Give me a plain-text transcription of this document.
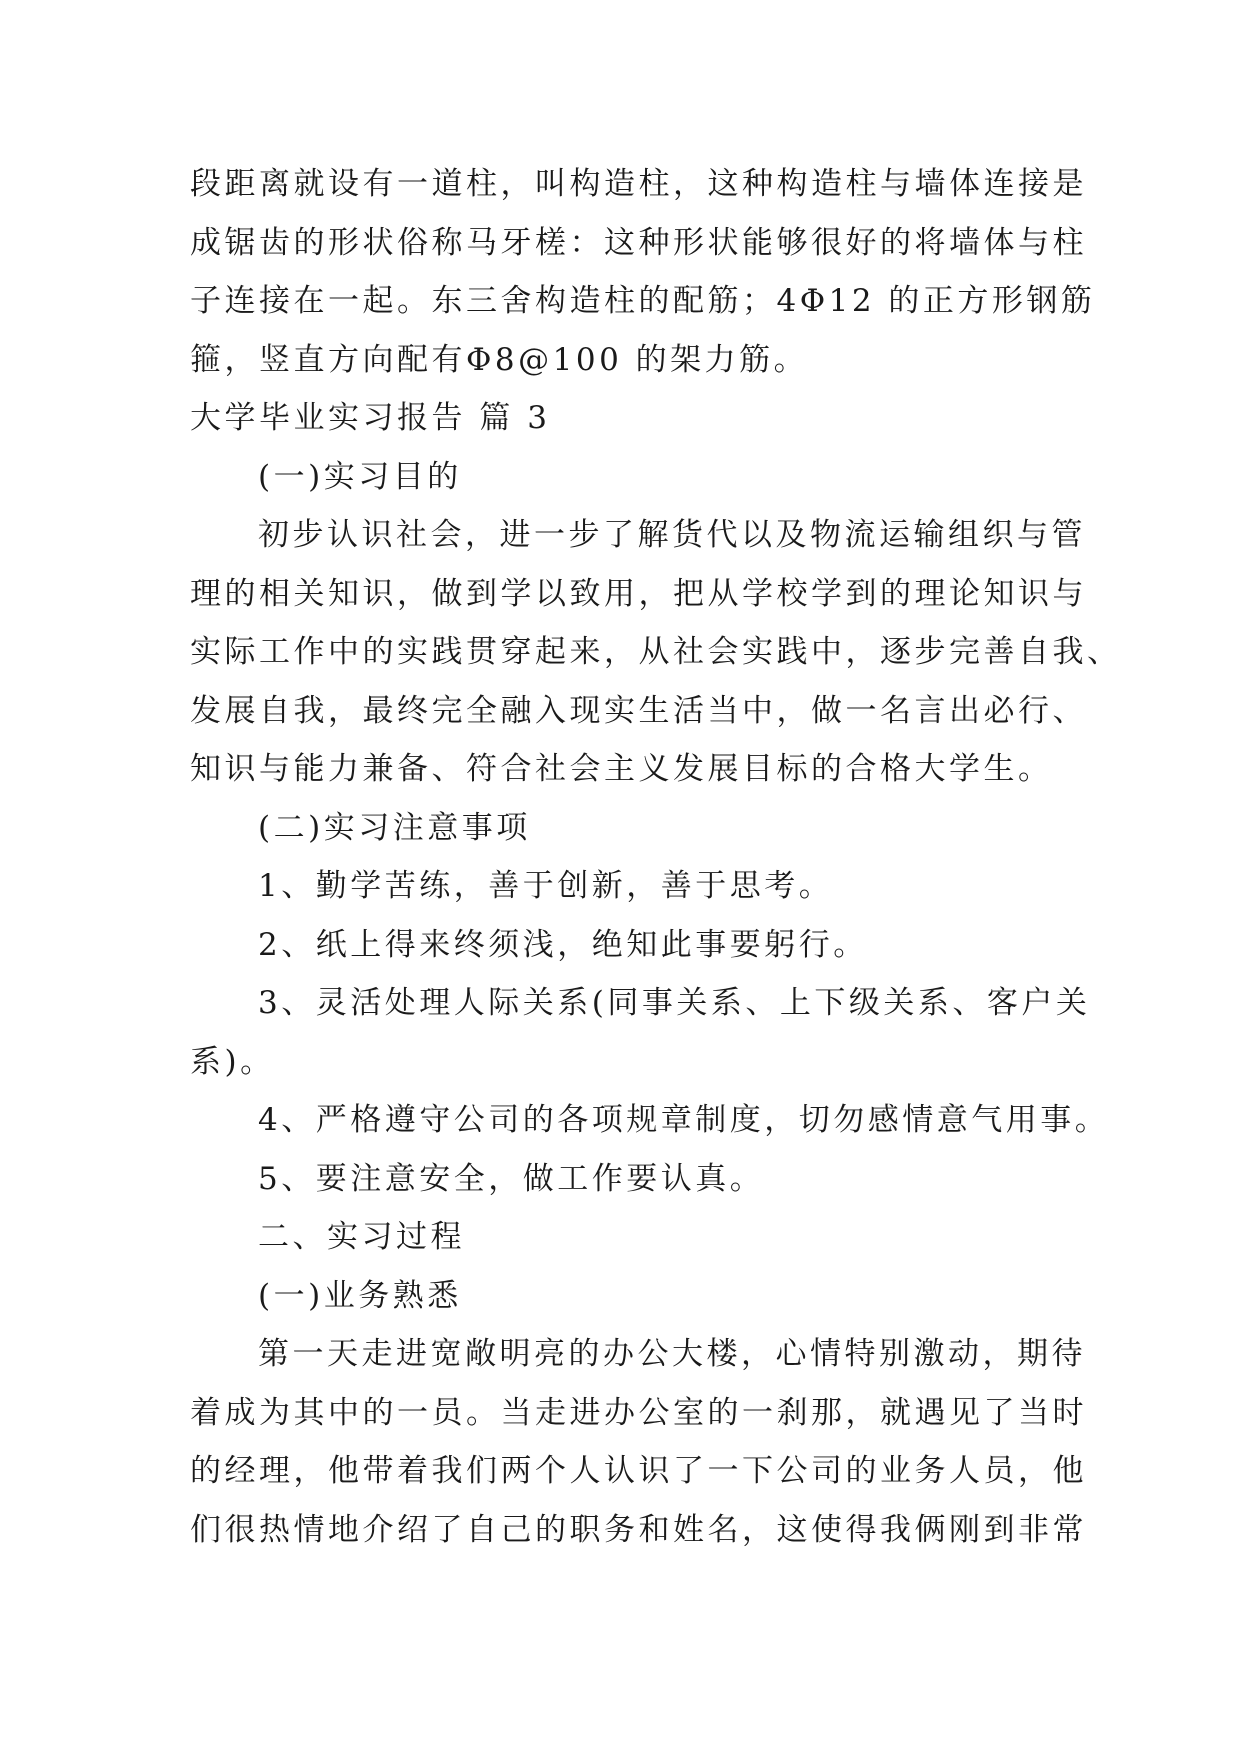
段距离就设有一道柱，叫构造柱，这种构造柱与墙体连接是
成锯齿的形状俗称马牙槎：这种形状能够很好的将墙体与柱
子连接在一起。东三舍构造柱的配筋；4Φ12 的正方形钢筋
箍，竖直方向配有Φ8@100 的架力筋。
大学毕业实习报告 篇 3
(一)实习目的
初步认识社会，进一步了解货代以及物流运输组织与管
理的相关知识，做到学以致用，把从学校学到的理论知识与
实际工作中的实践贯穿起来，从社会实践中，逐步完善自我、
发展自我，最终完全融入现实生活当中，做一名言出必行、
知识与能力兼备、符合社会主义发展目标的合格大学生。
(二)实习注意事项
1、勤学苦练，善于创新，善于思考。
2、纸上得来终须浅，绝知此事要躬行。
3、灵活处理人际关系(同事关系、上下级关系、客户关
系)。
4、严格遵守公司的各项规章制度，切勿感情意气用事。
5、要注意安全，做工作要认真。
二、实习过程
(一)业务熟悉
第一天走进宽敞明亮的办公大楼，心情特别激动，期待
着成为其中的一员。当走进办公室的一刹那，就遇见了当时
的经理，他带着我们两个人认识了一下公司的业务人员，他
们很热情地介绍了自己的职务和姓名，这使得我俩刚到非常
